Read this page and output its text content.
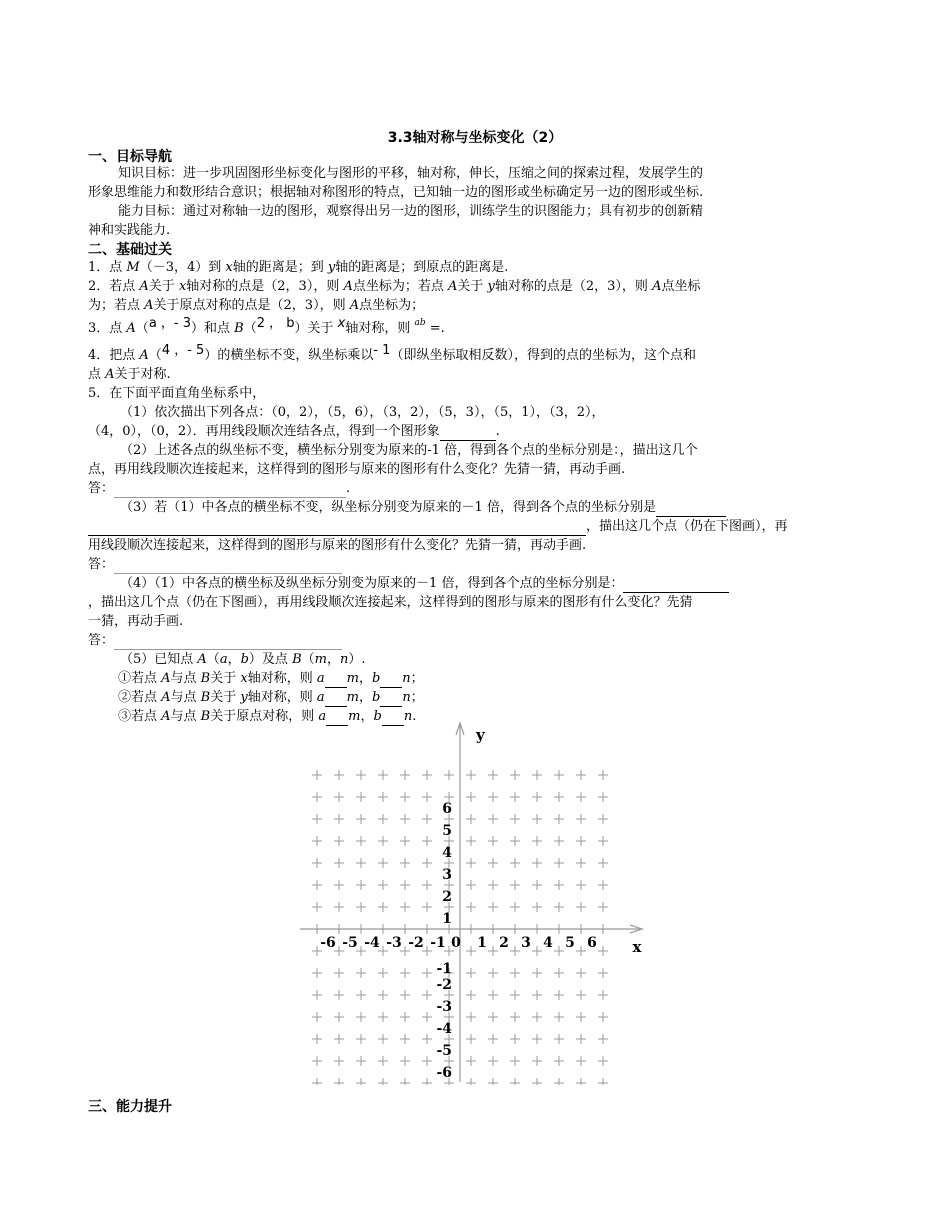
3.3轴对称与坐标变化（2）
一、目标导航
知识目标：进一步巩固图形坐标变化与图形的平移，轴对称，伸长，压缩之间的探索过程，发展学生的
形象思维能力和数形结合意识；根据轴对称图形的特点，已知轴一边的图形或坐标确定另一边的图形或坐标.
能力目标：通过对称轴一边的图形，观察得出另一边的图形，训练学生的识图能力；具有初步的创新精
神和实践能力.
二、基础过关
1．点 M（－3，4）到 x轴的距离是；到 y轴的距离是；到原点的距离是.
2．若点 A关于 x轴对称的点是（2，3），则 A点坐标为；若点 A关于 y轴对称的点是（2，3），则 A点坐标
为；若点 A关于原点对称的点是（2，3），则 A点坐标为；
3．点 A（a ，- 3）和点 B（2 ， b）关于 x轴对称，则 $^{ab}$ =.
4．把点 A（4 ，- 5）的横坐标不变，纵坐标乘以- 1（即纵坐标取相反数），得到的点的坐标为，这个点和
点 A关于对称.
5．在下面平面直角坐标系中，
（1）依次描出下列各点：（0，2），（5，6），（3，2），（5，3），（5，1），（3，2），
（4，0），（0，2）．再用线段顺次连结各点，得到一个图形象	.
（2）上述各点的纵坐标不变，横坐标分别变为原来的-1 倍，得到各个点的坐标分别是：，描出这几个
点，再用线段顺次连接起来，这样得到的图形与原来的图形有什么变化？先猜一猜，再动手画.
答：	.
（3）若（1）中各点的横坐标不变，纵坐标分别变为原来的－1 倍，得到各个点的坐标分别是
，描出这几个点（仍在下图画），再
用线段顺次连接起来，这样得到的图形与原来的图形有什么变化？先猜一猜，再动手画.
答：
（4）（1）中各点的横坐标及纵坐标分别变为原来的－1 倍，得到各个点的坐标分别是：
，描出这几个点（仍在下图画），再用线段顺次连接起来，这样得到的图形与原来的图形有什么变化？先猜
一猜，再动手画.
答：
（5）已知点 A（a，b）及点 B（m，n）.
①若点 A与点 B关于 x轴对称，则 a m，b n；
②若点 A与点 B关于 y轴对称，则 a m，b n；
③若点 A与点 B关于原点对称，则 a m，b n.
-6 -5 -4 -3 -2 -1 0 1 2 3 4 5 6
6
5
4
3
2
1
-1
-3
-2
-4
-5
-6
x
y
三、能力提升
